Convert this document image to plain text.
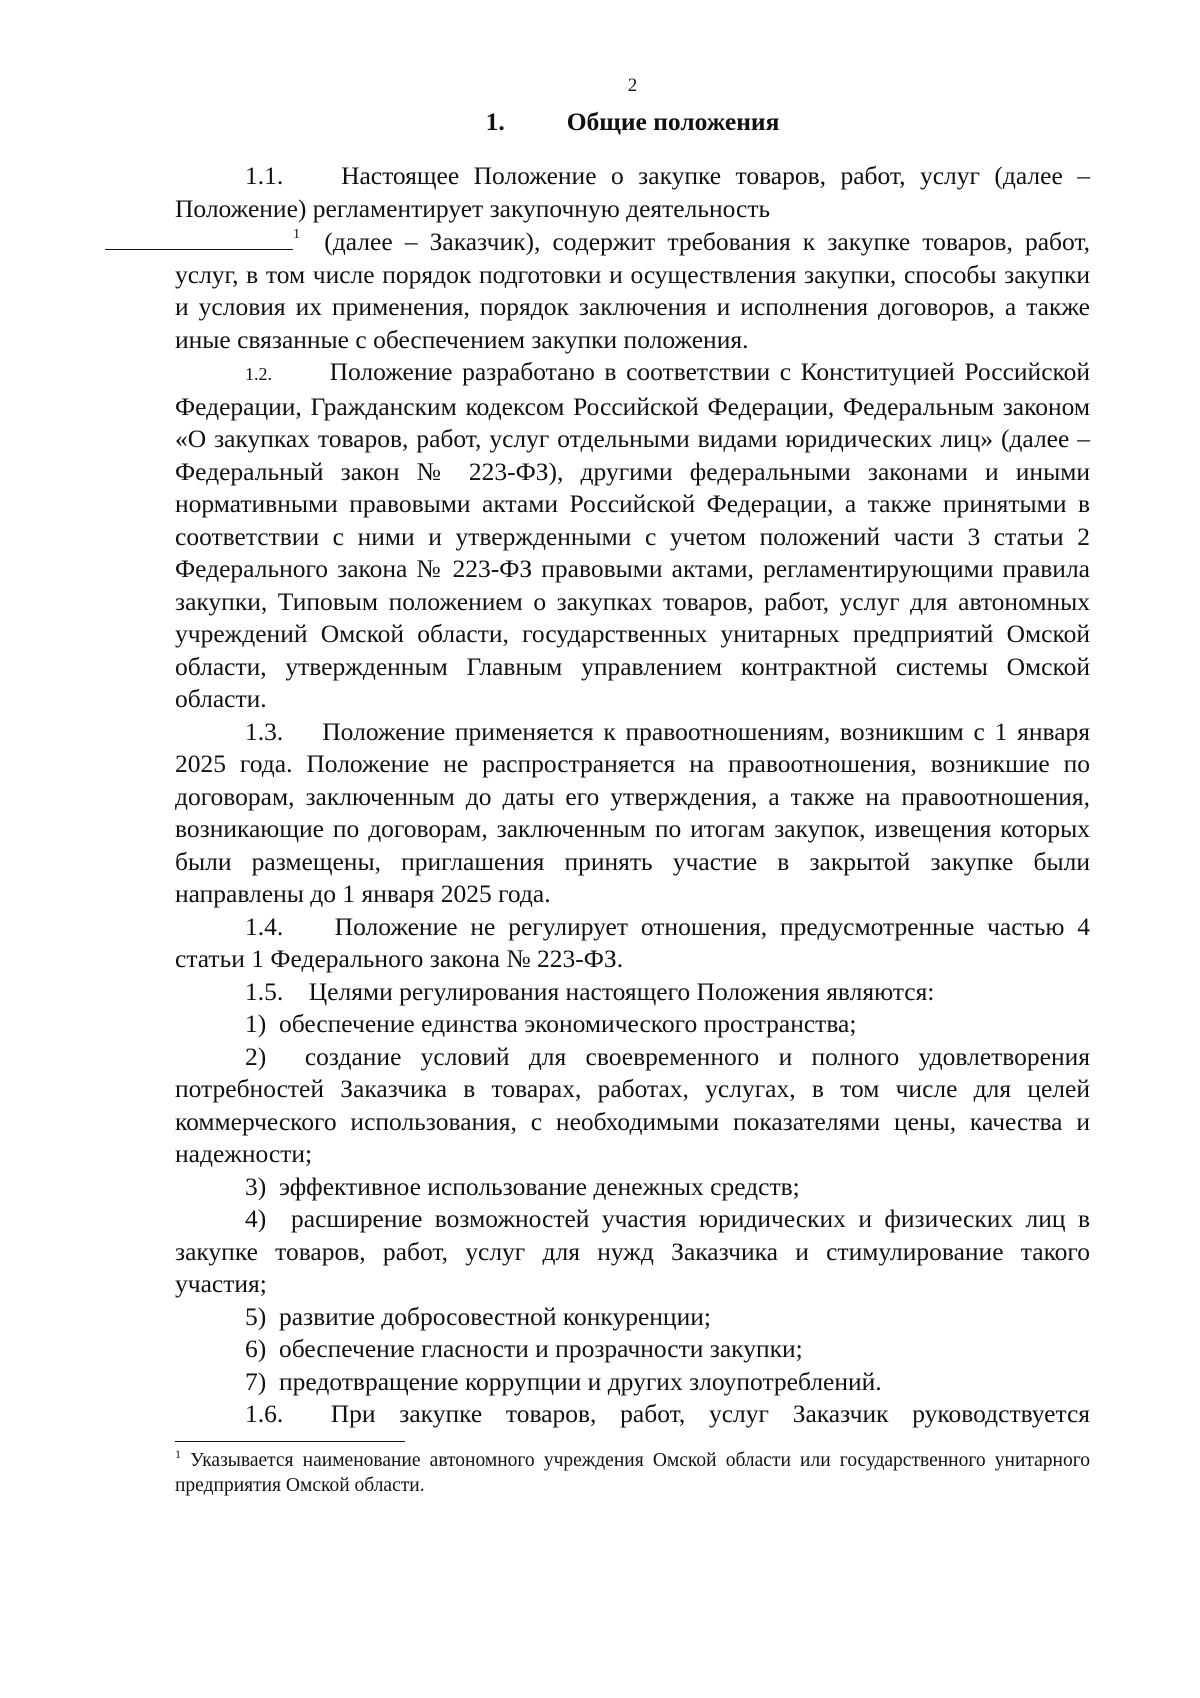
2
1. Общие положения

1.1. Настоящее Положение о закупке товаров, работ, услуг (далее – Положение) регламентирует закупочную деятельность
$^1$ (далее – Заказчик), содержит требования к закупке товаров, работ, услуг, в том числе порядок подготовки и осуществления закупки, способы закупки и условия их применения, порядок заключения и исполнения договоров, а также иные связанные с обеспечением закупки положения.

1.2. Положение разработано в соответствии с Конституцией Российской Федерации, Гражданским кодексом Российской Федерации, Федеральным законом «О закупках товаров, работ, услуг отдельными видами юридических лиц» (далее – Федеральный закон № 223-ФЗ), другими федеральными законами и иными нормативными правовыми актами Российской Федерации, а также принятыми в соответствии с ними и утвержденными с учетом положений части 3 статьи 2 Федерального закона № 223-ФЗ правовыми актами, регламентирующими правила закупки, Типовым положением о закупках товаров, работ, услуг для автономных учреждений Омской области, государственных унитарных предприятий Омской области, утвержденным Главным управлением контрактной системы Омской области.

1.3. Положение применяется к правоотношениям, возникшим с 1 января 2025 года. Положение не распространяется на правоотношения, возникшие по договорам, заключенным до даты его утверждения, а также на правоотношения, возникающие по договорам, заключенным по итогам закупок, извещения которых были размещены, приглашения принять участие в закрытой закупке были направлены до 1 января 2025 года.

1.4. Положение не регулирует отношения, предусмотренные частью 4 статьи 1 Федерального закона № 223-ФЗ.

1.5. Целями регулирования настоящего Положения являются:

1) обеспечение единства экономического пространства;

2) создание условий для своевременного и полного удовлетворения потребностей Заказчика в товарах, работах, услугах, в том числе для целей коммерческого использования, с необходимыми показателями цены, качества и надежности;

3) эффективное использование денежных средств;

4) расширение возможностей участия юридических и физических лиц в закупке товаров, работ, услуг для нужд Заказчика и стимулирование такого участия;

5) развитие добросовестной конкуренции;

6) обеспечение гласности и прозрачности закупки;

7) предотвращение коррупции и других злоупотреблений.

1.6. При закупке товаров, работ, услуг Заказчик руководствуется

$^1$ Указывается наименование автономного учреждения Омской области или государственного унитарного предприятия Омской области.
